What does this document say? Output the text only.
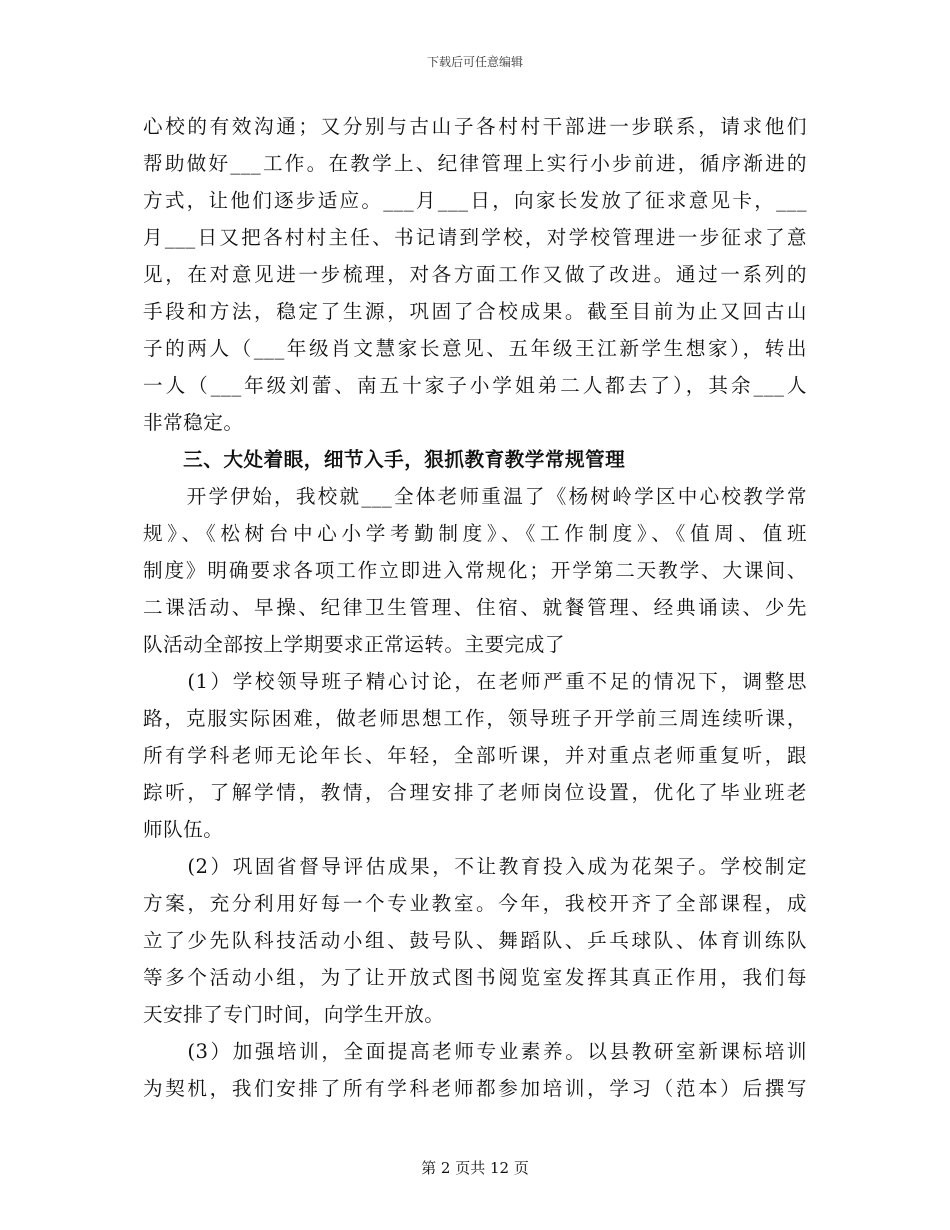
下载后可任意编辑
心校的有效沟通；又分别与古山子各村村干部进一步联系，请求他们
帮助做好___工作。在教学上、纪律管理上实行小步前进，循序渐进的
方式，让他们逐步适应。___月___日，向家长发放了征求意见卡，___
月___日又把各村村主任、书记请到学校，对学校管理进一步征求了意
见，在对意见进一步梳理，对各方面工作又做了改进。通过一系列的
手段和方法，稳定了生源，巩固了合校成果。截至目前为止又回古山
子的两人（___年级肖文慧家长意见、五年级王江新学生想家），转出
一人（___年级刘蕾、南五十家子小学姐弟二人都去了），其余___人
非常稳定。
　　三、大处着眼，细节入手，狠抓教育教学常规管理
　　开学伊始，我校就___全体老师重温了《杨树岭学区中心校教学常
规》、《松树台中心小学考勤制度》、《工作制度》、《值周、值班
制度》明确要求各项工作立即进入常规化；开学第二天教学、大课间、
二课活动、早操、纪律卫生管理、住宿、就餐管理、经典诵读、少先
队活动全部按上学期要求正常运转。主要完成了
　　(1）学校领导班子精心讨论，在老师严重不足的情况下，调整思
路，克服实际困难，做老师思想工作，领导班子开学前三周连续听课，
所有学科老师无论年长、年轻，全部听课，并对重点老师重复听，跟
踪听，了解学情，教情，合理安排了老师岗位设置，优化了毕业班老
师队伍。
　　(2）巩固省督导评估成果，不让教育投入成为花架子。学校制定
方案，充分利用好每一个专业教室。今年，我校开齐了全部课程，成
立了少先队科技活动小组、鼓号队、舞蹈队、乒乓球队、体育训练队
等多个活动小组，为了让开放式图书阅览室发挥其真正作用，我们每
天安排了专门时间，向学生开放。
　　(3）加强培训，全面提高老师专业素养。以县教研室新课标培训
为契机，我们安排了所有学科老师都参加培训，学习（范本）后撰写
第 2 页共 12 页
